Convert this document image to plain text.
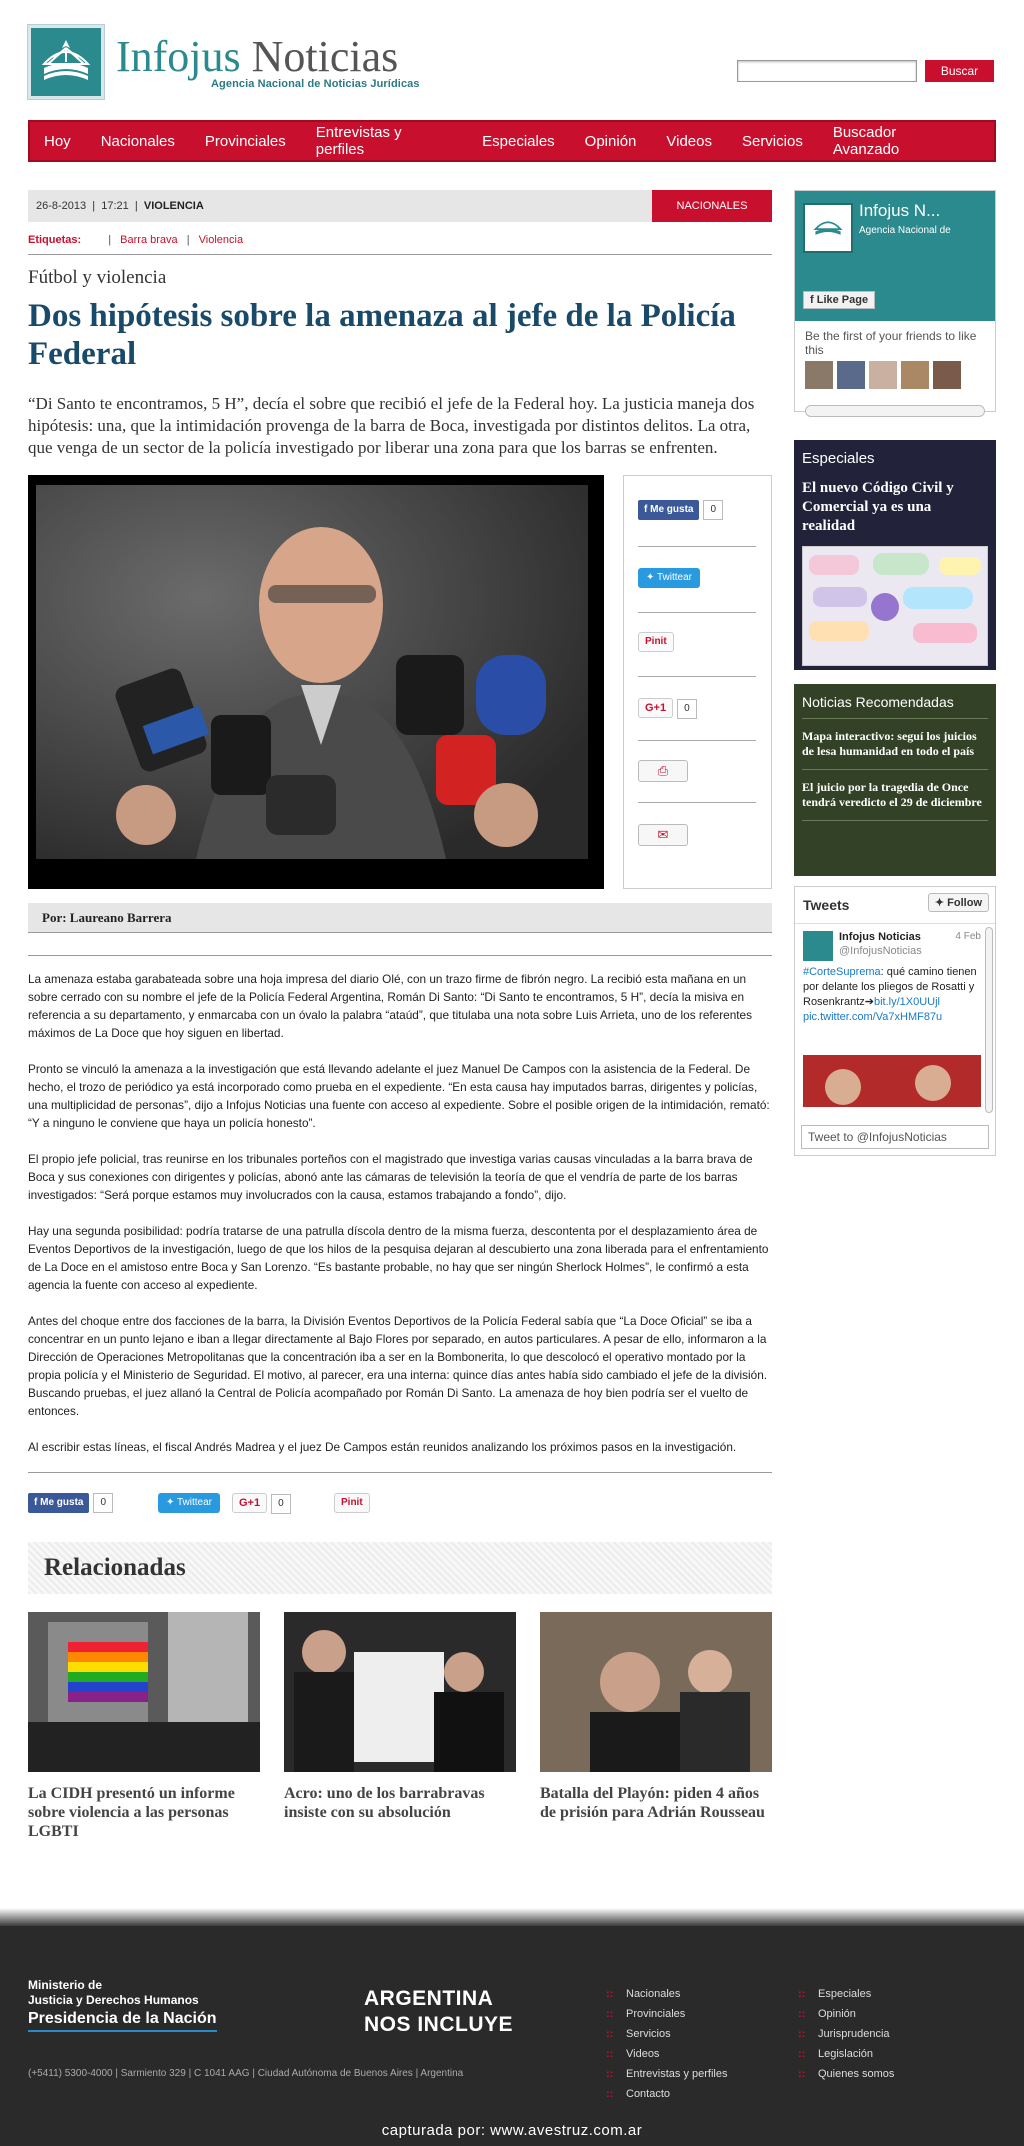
Infojus Noticias
Agencia Nacional de Noticias Jurídicas
Buscar
Hoy Nacionales Provinciales Entrevistas y perfiles	Especiales Opinión Videos Servicios Buscador Avanzado
26-8-2013  |  17:21  |  VIOLENCIA	NACIONALES
Etiquetas: | Barra brava | Violencia
Fútbol y violencia
Dos hipótesis sobre la amenaza al jefe de la Policía Federal
“Di Santo te encontramos, 5 H”, decía el sobre que recibió el jefe de la Federal hoy. La justicia maneja dos hipótesis: una, que la intimidación provenga de la barra de Boca, investigada por distintos delitos. La otra, que venga de un sector de la policía investigado por liberar una zona para que los barras se enfrenten.
f Me gusta 0
✦ Twittear
Pinit
G+1 0
⎙
✉
Por: Laureano Barrera

La amenaza estaba garabateada sobre una hoja impresa del diario Olé, con un trazo firme de fibrón negro. La recibió esta mañana en un sobre cerrado con su nombre el jefe de la Policía Federal Argentina, Román Di Santo: “Di Santo te encontramos, 5 H”, decía la misiva en referencia a su departamento, y enmarcaba con un óvalo la palabra “ataúd”, que titulaba una nota sobre Luis Arrieta, uno de los referentes máximos de La Doce que hoy siguen en libertad.

Pronto se vinculó la amenaza a la investigación que está llevando adelante el juez Manuel De Campos con la asistencia de la Federal. De hecho, el trozo de periódico ya está incorporado como prueba en el expediente. “En esta causa hay imputados barras, dirigentes y policías, una multiplicidad de personas”, dijo a Infojus Noticias una fuente con acceso al expediente. Sobre el posible origen de la intimidación, remató: “Y a ninguno le conviene que haya un policía honesto”.

El propio jefe policial, tras reunirse en los tribunales porteños con el magistrado que investiga varias causas vinculadas a la barra brava de Boca y sus conexiones con dirigentes y policías, abonó ante las cámaras de televisión la teoría de que el vendría de parte de los barras investigados: “Será porque estamos muy involucrados con la causa, estamos trabajando a fondo”, dijo.

Hay una segunda posibilidad: podría tratarse de una patrulla díscola dentro de la misma fuerza, descontenta por el desplazamiento área de Eventos Deportivos de la investigación, luego de que los hilos de la pesquisa dejaran al descubierto una zona liberada para el enfrentamiento de La Doce en el amistoso entre Boca y San Lorenzo. “Es bastante probable, no hay que ser ningún Sherlock Holmes”, le confirmó a esta agencia la fuente con acceso al expediente.

Antes del choque entre dos facciones de la barra, la División Eventos Deportivos de la Policía Federal sabía que “La Doce Oficial” se iba a concentrar en un punto lejano e iban a llegar directamente al Bajo Flores por separado, en autos particulares. A pesar de ello, informaron a la Dirección de Operaciones Metropolitanas que la concentración iba a ser en la Bombonerita, lo que descolocó el operativo montado por la propia policía y el Ministerio de Seguridad. El motivo, al parecer, era una interna: quince días antes había sido cambiado el jefe de la división. Buscando pruebas, el juez allanó la Central de Policía acompañado por Román Di Santo. La amenaza de hoy bien podría ser el vuelto de entonces.

Al escribir estas líneas, el fiscal Andrés Madrea y el juez De Campos están reunidos analizando los próximos pasos en la investigación.

f Me gusta 0	✦ Twittear	G+1 0	Pinit
Relacionadas
La CIDH presentó un informe sobre violencia a las personas LGBTI
Acro: uno de los barrabravas insiste con su absolución
Batalla del Playón: piden 4 años de prisión para Adrián Rousseau
Infojus N...
Agencia Nacional de
f Like Page
Be the first of your friends to like this
Especiales
El nuevo Código Civil y Comercial ya es una realidad
Noticias Recomendadas
Mapa interactivo: seguí los juicios de lesa humanidad en todo el país
El juicio por la tragedia de Once tendrá veredicto el 29 de diciembre
Tweets	✦ Follow
Infojus Noticias
@InfojusNoticias
4 Feb
#CorteSuprema: qué camino tienen por delante los pliegos de Rosatti y Rosenkrantz➔bit.ly/1X0UUjl
pic.twitter.com/Va7xHMF87u
Tweet to @InfojusNoticias
Ministerio de
Justicia y Derechos Humanos
Presidencia de la Nación
(+5411) 5300-4000 | Sarmiento 329 | C 1041 AAG | Ciudad Autónoma de Buenos Aires | Argentina
ARGENTINA
NOS INCLUYE
:: Nacionales
:: Provinciales
:: Servicios
:: Videos
:: Entrevistas y perfiles
:: Contacto
:: Especiales
:: Opinión
:: Jurisprudencia
:: Legislación
:: Quienes somos
capturada por: www.avestruz.com.ar
